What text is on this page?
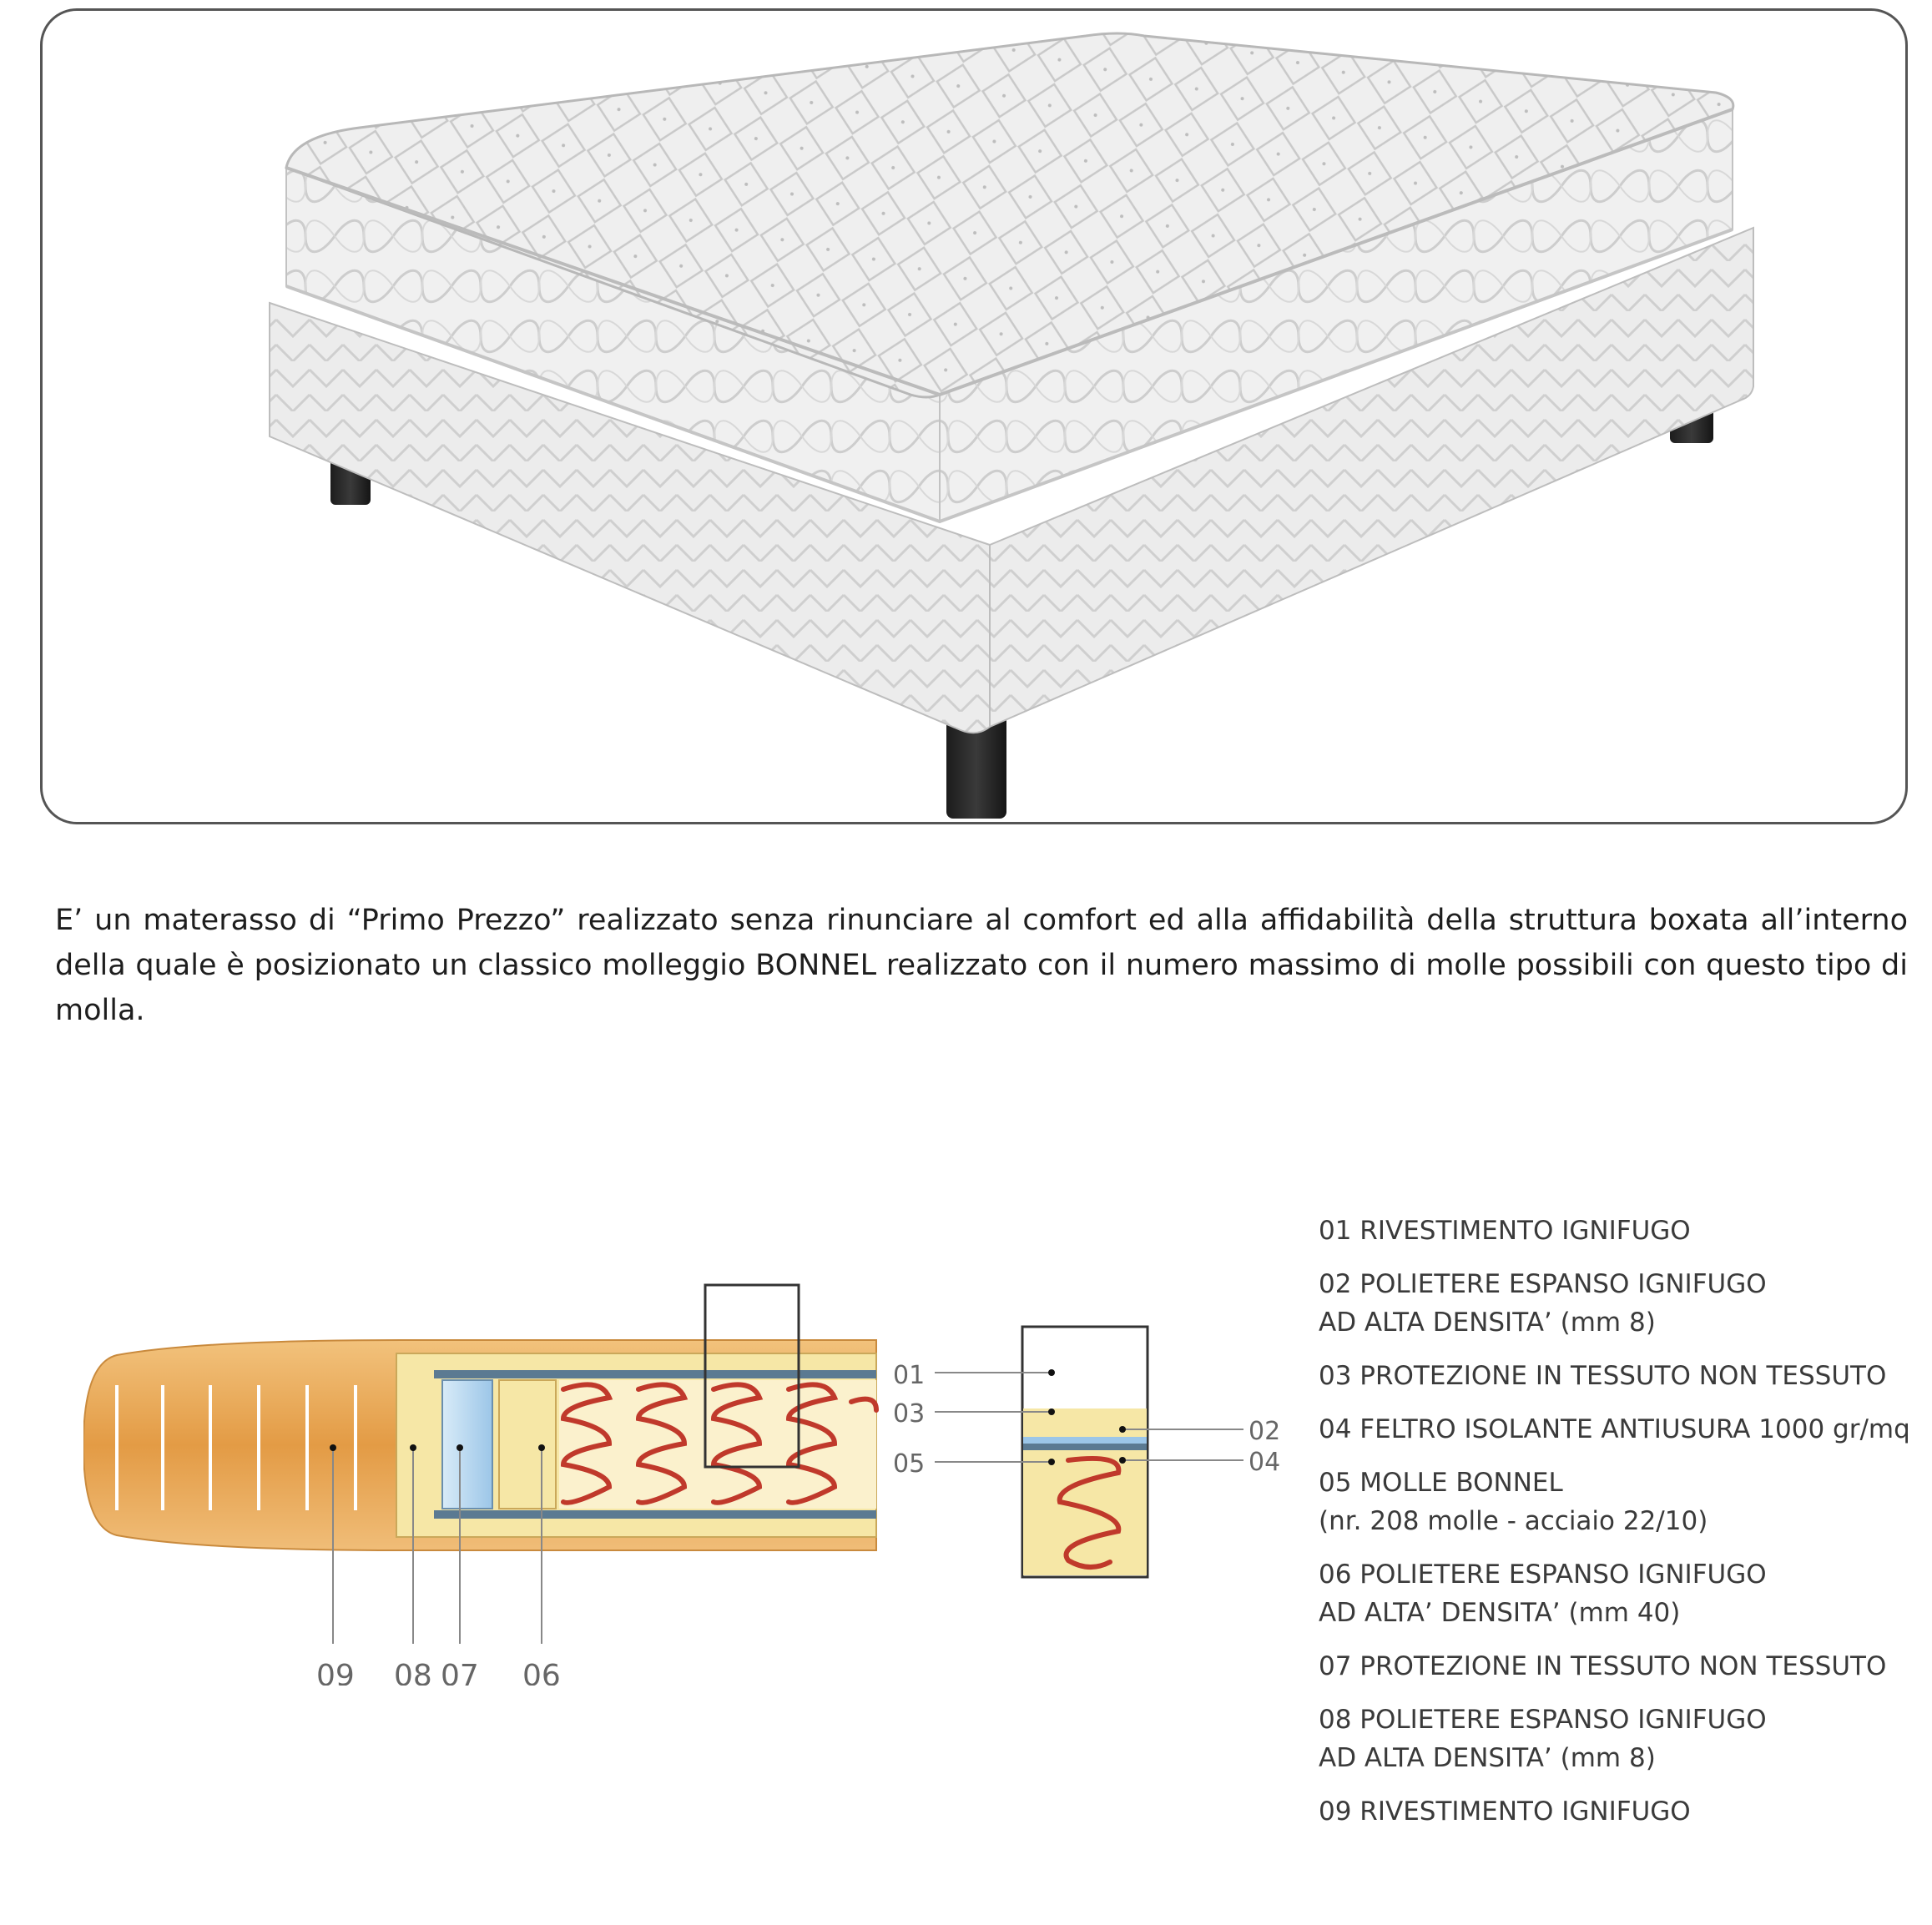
E’ un materasso di “Primo Prezzo” realizzato senza rinunciare al comfort ed alla affidabilità della struttura boxata all’interno della quale è posizionato un classico molleggio BONNEL realizzato con il numero massimo di molle possibili con questo tipo di molla.

09 08 07 06
01
03
05
02
04
01 RIVESTIMENTO IGNIFUGO
02 POLIETERE ESPANSO IGNIFUGO
AD ALTA DENSITA’ (mm 8)
03 PROTEZIONE IN TESSUTO NON TESSUTO
04 FELTRO ISOLANTE ANTIUSURA 1000 gr/mq
05 MOLLE BONNEL
(nr. 208 molle - acciaio 22/10)
06 POLIETERE ESPANSO IGNIFUGO
AD ALTA’ DENSITA’ (mm 40)
07 PROTEZIONE IN TESSUTO NON TESSUTO
08 POLIETERE ESPANSO IGNIFUGO
AD ALTA DENSITA’ (mm 8)
09 RIVESTIMENTO IGNIFUGO
